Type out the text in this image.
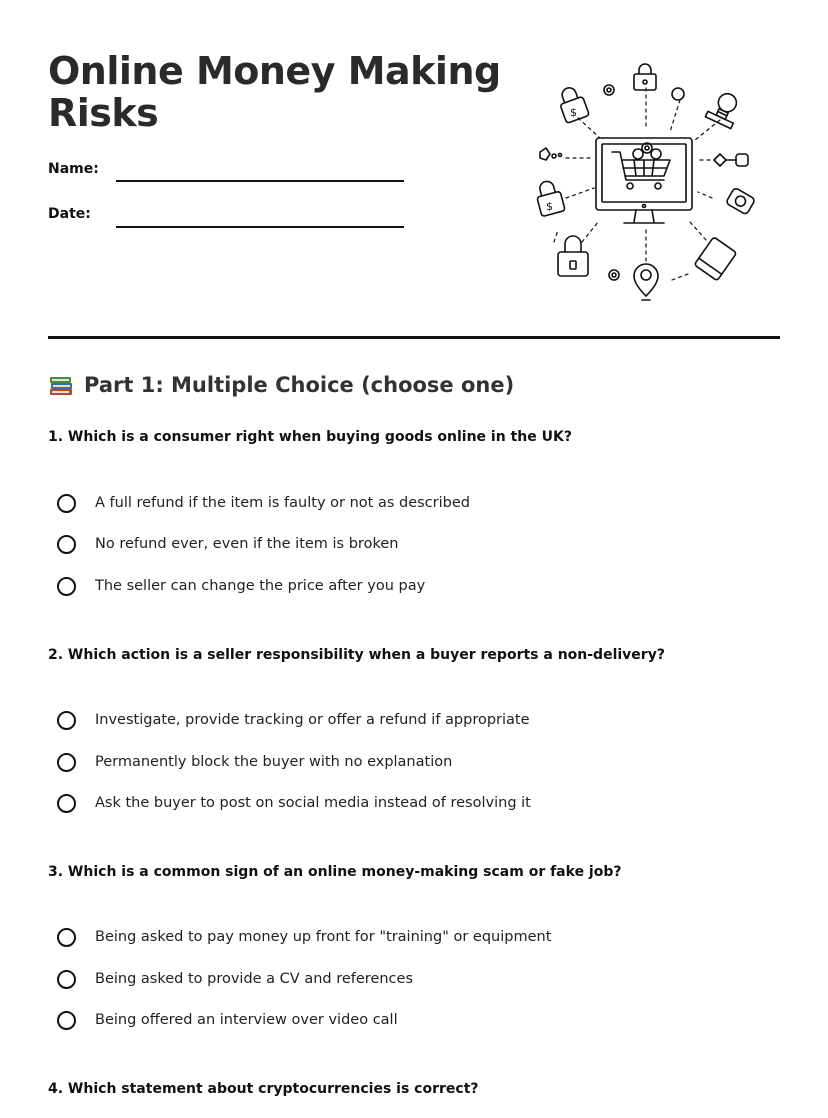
Online Money Making Risks
Name:
Date:
$
$
Part 1: Multiple Choice (choose one)
1. Which is a consumer right when buying goods online in the UK?
A full refund if the item is faulty or not as described
No refund ever, even if the item is broken
The seller can change the price after you pay
2. Which action is a seller responsibility when a buyer reports a non-delivery?
Investigate, provide tracking or offer a refund if appropriate
Permanently block the buyer with no explanation
Ask the buyer to post on social media instead of resolving it
3. Which is a common sign of an online money-making scam or fake job?
Being asked to pay money up front for "training" or equipment
Being asked to provide a CV and references
Being offered an interview over video call
4. Which statement about cryptocurrencies is correct?
